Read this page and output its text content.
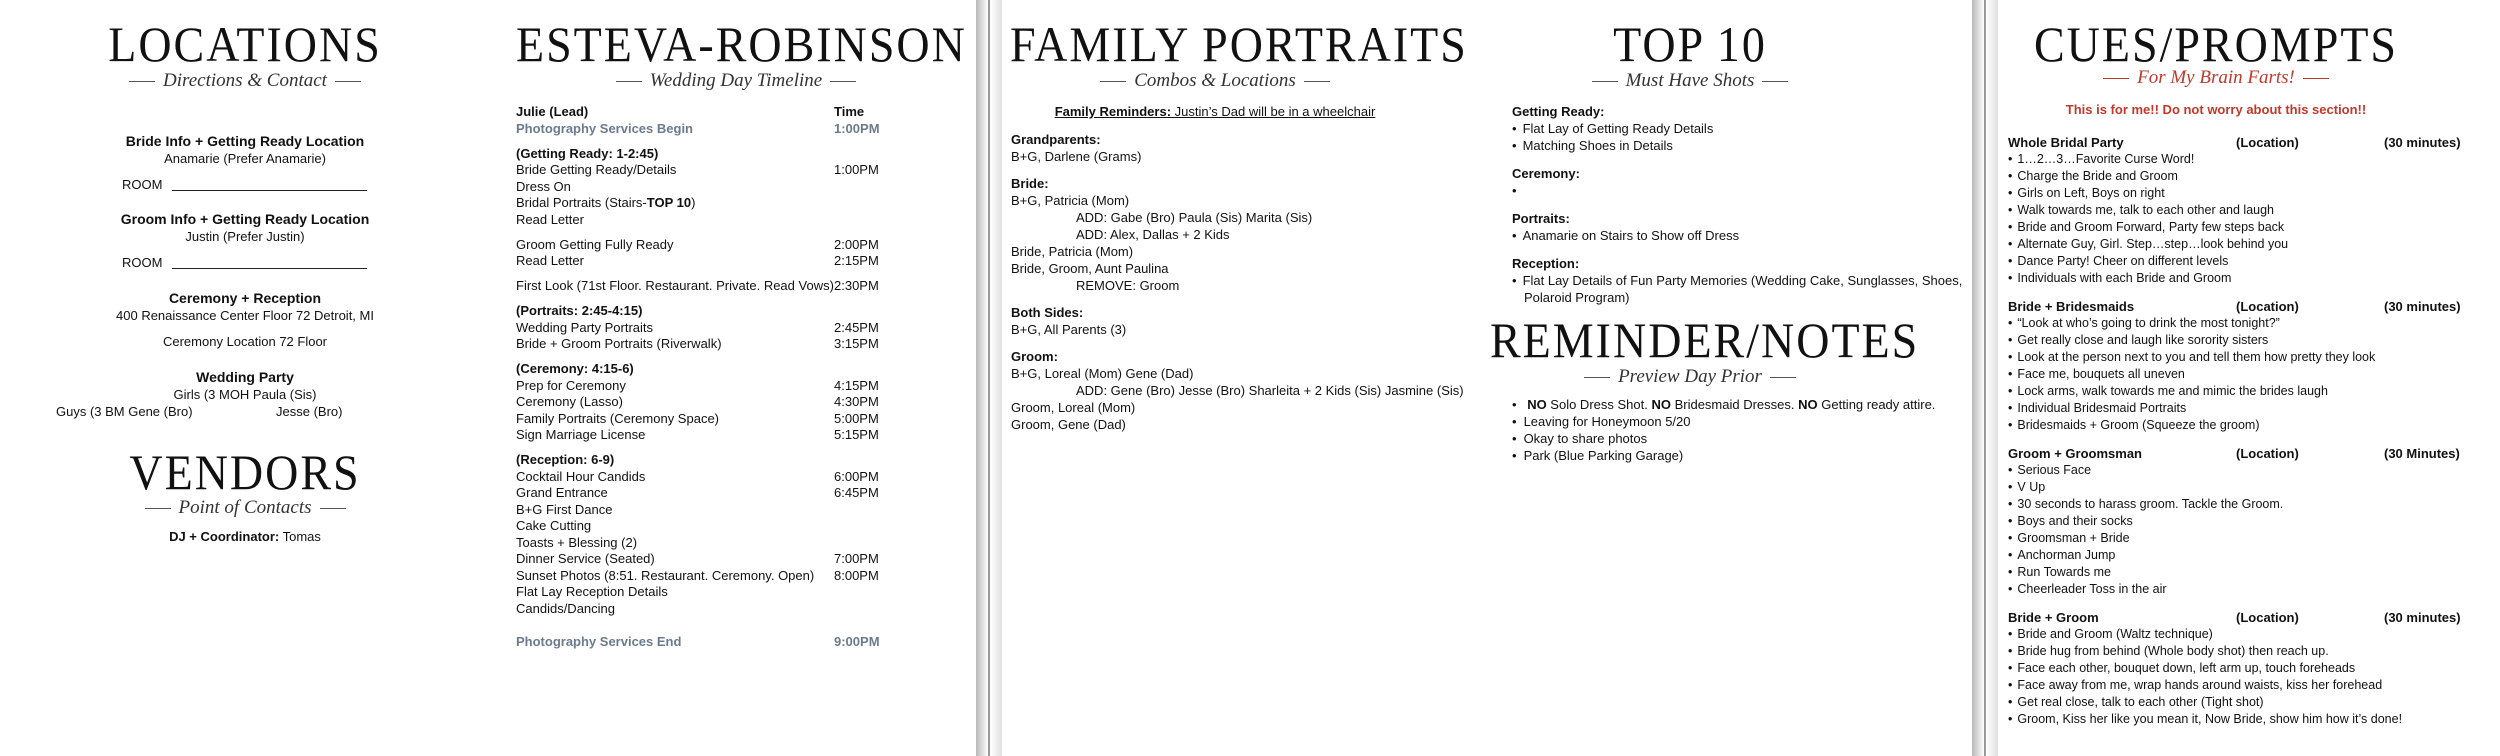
LOCATIONS
Directions & Contact
Bride Info + Getting Ready Location
Anamarie (Prefer Anamarie)
ROOM
Groom Info + Getting Ready Location
Justin (Prefer Justin)
ROOM
Ceremony + Reception
400 Renaissance Center Floor 72 Detroit, MI
Ceremony Location 72 Floor
Wedding Party
Girls (3 MOH Paula (Sis)
Guys (3 BM Gene (Bro)	Jesse (Bro)
VENDORS
Point of Contacts
DJ + Coordinator: Tomas
ESTEVA-ROBINSON
Wedding Day Timeline
Julie (Lead)	Time
Photography Services Begin	1:00PM
(Getting Ready: 1-2:45)
Bride Getting Ready/Details	1:00PM
Dress On
Bridal Portraits (Stairs-TOP 10)
Read Letter
Groom Getting Fully Ready	2:00PM
Read Letter	2:15PM
First Look (71st Floor. Restaurant. Private. Read Vows) 2:30PM
(Portraits: 2:45-4:15)
Wedding Party Portraits	2:45PM
Bride + Groom Portraits (Riverwalk)	3:15PM
(Ceremony: 4:15-6)
Prep for Ceremony	4:15PM
Ceremony (Lasso)	4:30PM
Family Portraits (Ceremony Space)	5:00PM
Sign Marriage License	5:15PM
(Reception: 6-9)
Cocktail Hour Candids	6:00PM
Grand Entrance	6:45PM
B+G First Dance
Cake Cutting
Toasts + Blessing (2)
Dinner Service (Seated)	7:00PM
Sunset Photos (8:51. Restaurant. Ceremony. Open) 8:00PM
Flat Lay Reception Details
Candids/Dancing
Photography Services End	9:00PM
FAMILY PORTRAITS
Combos & Locations
Family Reminders: Justin’s Dad will be in a wheelchair
Grandparents:
B+G, Darlene (Grams)
Bride:
B+G, Patricia (Mom)
ADD: Gabe (Bro) Paula (Sis) Marita (Sis)
ADD: Alex, Dallas + 2 Kids
Bride, Patricia (Mom)
Bride, Groom, Aunt Paulina
REMOVE: Groom
Both Sides:
B+G, All Parents (3)
Groom:
B+G, Loreal (Mom) Gene (Dad)
ADD: Gene (Bro) Jesse (Bro) Sharleita + 2 Kids (Sis) Jasmine (Sis)
Groom, Loreal (Mom)
Groom, Gene (Dad)
TOP 10
Must Have Shots
Getting Ready:
• Flat Lay of Getting Ready Details
• Matching Shoes in Details
Ceremony:
•
Portraits:
• Anamarie on Stairs to Show off Dress
Reception:
• Flat Lay Details of Fun Party Memories (Wedding Cake, Sunglasses, Shoes,
Polaroid Program)
REMINDER/NOTES
Preview Day Prior
• NO Solo Dress Shot. NO Bridesmaid Dresses. NO Getting ready attire.
• Leaving for Honeymoon 5/20
• Okay to share photos
• Park (Blue Parking Garage)
CUES/PROMPTS
For My Brain Farts!
This is for me!! Do not worry about this section!!
Whole Bridal Party	(Location)	(30 minutes)
• 1…2…3…Favorite Curse Word!
• Charge the Bride and Groom
• Girls on Left, Boys on right
• Walk towards me, talk to each other and laugh
• Bride and Groom Forward, Party few steps back
• Alternate Guy, Girl. Step…step…look behind you
• Dance Party! Cheer on different levels
• Individuals with each Bride and Groom
Bride + Bridesmaids	(Location)	(30 minutes)
• “Look at who’s going to drink the most tonight?”
• Get really close and laugh like sorority sisters
• Look at the person next to you and tell them how pretty they look
• Face me, bouquets all uneven
• Lock arms, walk towards me and mimic the brides laugh
• Individual Bridesmaid Portraits
• Bridesmaids + Groom (Squeeze the groom)
Groom + Groomsman	(Location)	(30 Minutes)
• Serious Face
• V Up
• 30 seconds to harass groom. Tackle the Groom.
• Boys and their socks
• Groomsman + Bride
• Anchorman Jump
• Run Towards me
• Cheerleader Toss in the air
Bride + Groom	(Location)	(30 minutes)
• Bride and Groom (Waltz technique)
• Bride hug from behind (Whole body shot) then reach up.
• Face each other, bouquet down, left arm up, touch foreheads
• Face away from me, wrap hands around waists, kiss her forehead
• Get real close, talk to each other (Tight shot)
• Groom, Kiss her like you mean it, Now Bride, show him how it’s done!
